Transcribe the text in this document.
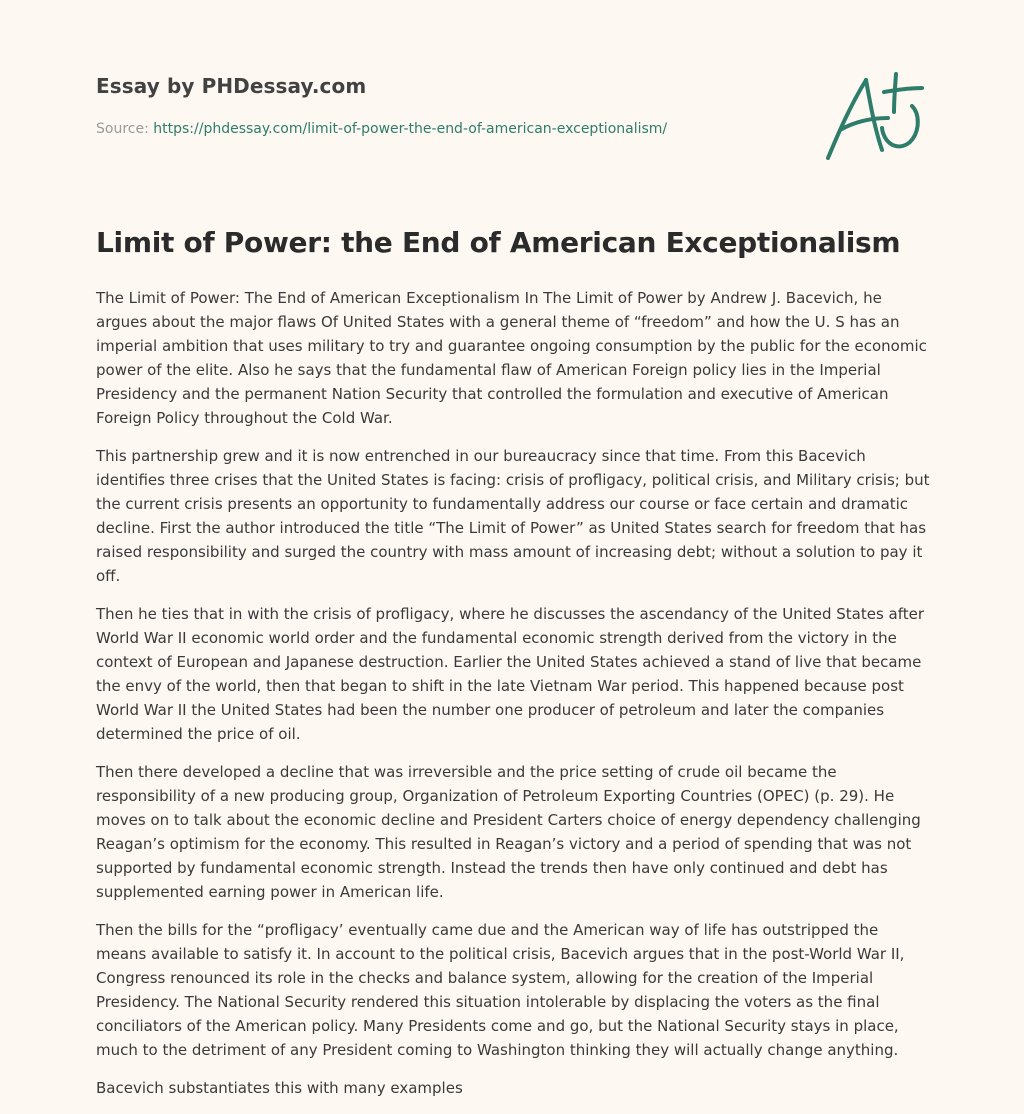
Essay by PHDessay.com
Source: https://phdessay.com/limit-of-power-the-end-of-american-exceptionalism/
Limit of Power: the End of American Exceptionalism

The Limit of Power: The End of American Exceptionalism In The Limit of Power by Andrew J. Bacevich, he argues about the major flaws Of United States with a general theme of “freedom” and how the U. S has an imperial ambition that uses military to try and guarantee ongoing consumption by the public for the economic power of the elite. Also he says that the fundamental flaw of American Foreign policy lies in the Imperial Presidency and the permanent Nation Security that controlled the formulation and executive of American Foreign Policy throughout the Cold War.

This partnership grew and it is now entrenched in our bureaucracy since that time. From this Bacevich identifies three crises that the United States is facing: crisis of profligacy, political crisis, and Military crisis; but the current crisis presents an opportunity to fundamentally address our course or face certain and dramatic decline. First the author introduced the title “The Limit of Power” as United States search for freedom that has raised responsibility and surged the country with mass amount of increasing debt; without a solution to pay it off.

Then he ties that in with the crisis of profligacy, where he discusses the ascendancy of the United States after World War II economic world order and the fundamental economic strength derived from the victory in the context of European and Japanese destruction. Earlier the United States achieved a stand of live that became the envy of the world, then that began to shift in the late Vietnam War period. This happened because post World War II the United States had been the number one producer of petroleum and later the companies determined the price of oil.

Then there developed a decline that was irreversible and the price setting of crude oil became the responsibility of a new producing group, Organization of Petroleum Exporting Countries (OPEC) (p. 29). He moves on to talk about the economic decline and President Carters choice of energy dependency challenging Reagan’s optimism for the economy. This resulted in Reagan’s victory and a period of spending that was not supported by fundamental economic strength. Instead the trends then have only continued and debt has supplemented earning power in American life.

Then the bills for the “profligacy’ eventually came due and the American way of life has outstripped the means available to satisfy it. In account to the political crisis, Bacevich argues that in the post-World War II, Congress renounced its role in the checks and balance system, allowing for the creation of the Imperial Presidency. The National Security rendered this situation intolerable by displacing the voters as the final conciliators of the American policy. Many Presidents come and go, but the National Security stays in place, much to the detriment of any President coming to Washington thinking they will actually change anything.

Bacevich substantiates this with many examples
